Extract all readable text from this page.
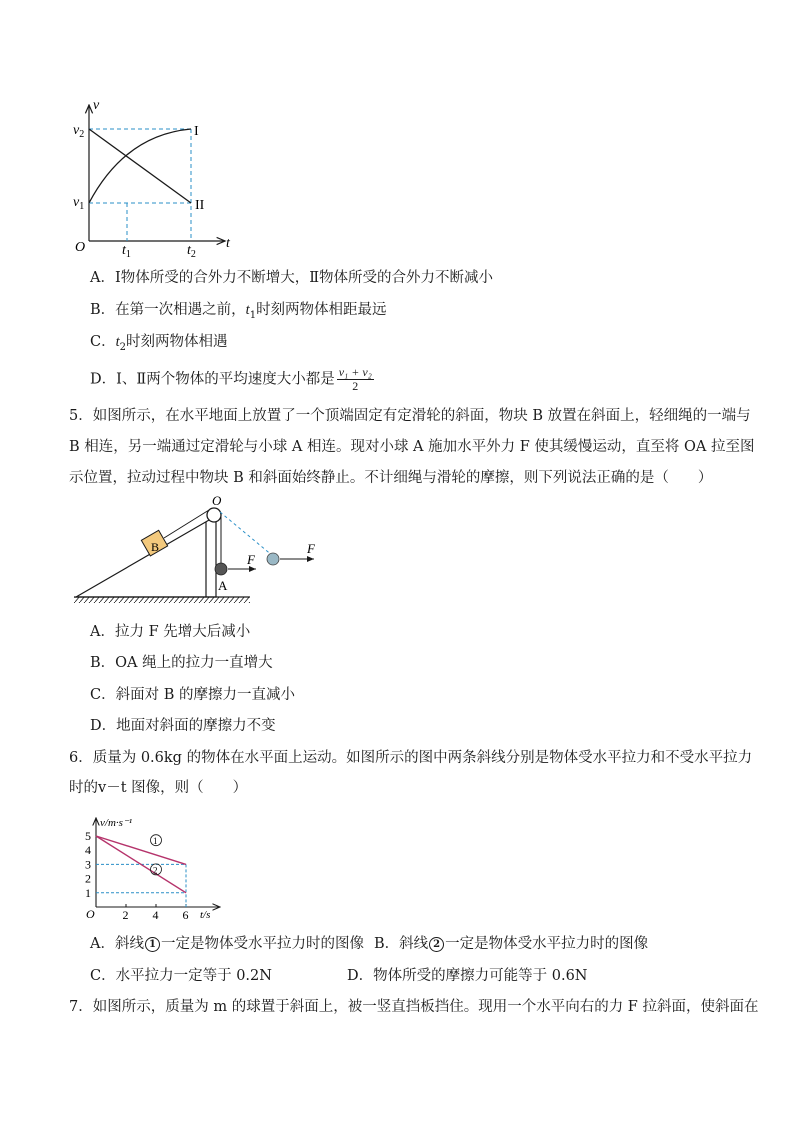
v
t
O
$v_2$
$v_1$
$t_1$	$t_2$
I
II
A．Ⅰ物体所受的合外力不断增大，Ⅱ物体所受的合外力不断减小
B．在第一次相遇之前，$t_1$时刻两物体相距最远
C．$t_2$时刻两物体相遇
D．Ⅰ、Ⅱ两个物体的平均速度大小都是 $\frac{\text{v₁ + v₂}}{2}$
5．如图所示，在水平地面上放置了一个顶端固定有定滑轮的斜面，物块 B 放置在斜面上，轻细绳的一端与
B 相连，另一端通过定滑轮与小球 A 相连。现对小球 A 施加水平外力 F 使其缓慢运动，直至将 OA 拉至图
示位置，拉动过程中物块 B 和斜面始终静止。不计细绳与滑轮的摩擦，则下列说法正确的是（　　）
O
B
A
F
F
A．拉力 F 先增大后减小
B．OA 绳上的拉力一直增大
C．斜面对 B 的摩擦力一直减小
D．地面对斜面的摩擦力不变
6．质量为 0.6kg 的物体在水平面上运动。如图所示的图中两条斜线分别是物体受水平拉力和不受水平拉力
时的v－t 图像，则（　　）
v/m·s⁻¹
t/s
O
1
2
3
4
5
2 4 6
1
2
A．斜线 1 一定是物体受水平拉力时的图像 B．斜线 2 一定是物体受水平拉力时的图像
C．水平拉力一定等于 0.2N	D．物体所受的摩擦力可能等于 0.6N
7．如图所示，质量为 m 的球置于斜面上，被一竖直挡板挡住。现用一个水平向右的力 F 拉斜面，使斜面在
